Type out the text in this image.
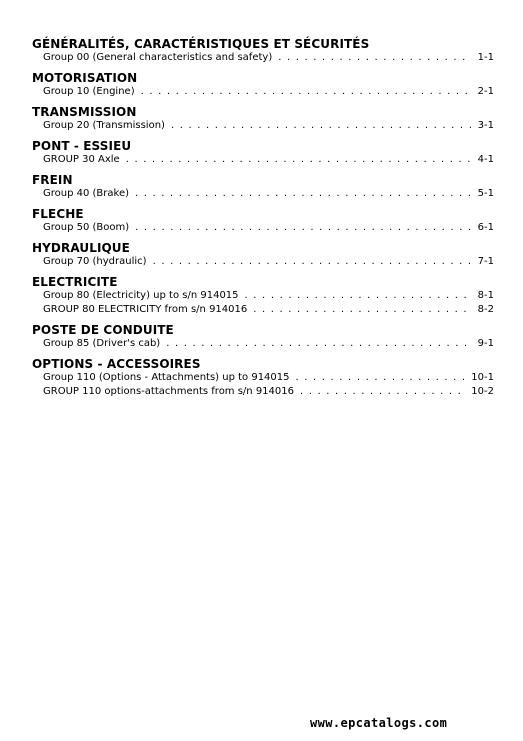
GÉNÉRALITÉS, CARACTÉRISTIQUES ET SÉCURITÉS
Group 00 (General characteristics and safety) . . .	1-1
MOTORISATION
Group 10 (Engine) . . .	2-1
TRANSMISSION
Group 20 (Transmission) . . .	3-1
PONT - ESSIEU
GROUP 30 Axle . . .	4-1
FREIN
Group 40 (Brake) . . .	5-1
FLECHE
Group 50 (Boom) . . .	6-1
HYDRAULIQUE
Group 70 (hydraulic) . . .	7-1
ELECTRICITE
Group 80 (Electricity) up to s/n 914015 . . .	8-1
GROUP 80 ELECTRICITY from s/n 914016 . . .	8-2
POSTE DE CONDUITE
Group 85 (Driver's cab) . . .	9-1
OPTIONS - ACCESSOIRES
Group 110 (Options - Attachments) up to 914015 . . .	10-1
GROUP 110 options-attachments from s/n 914016 . . .	10-2
www.epcatalogs.com
